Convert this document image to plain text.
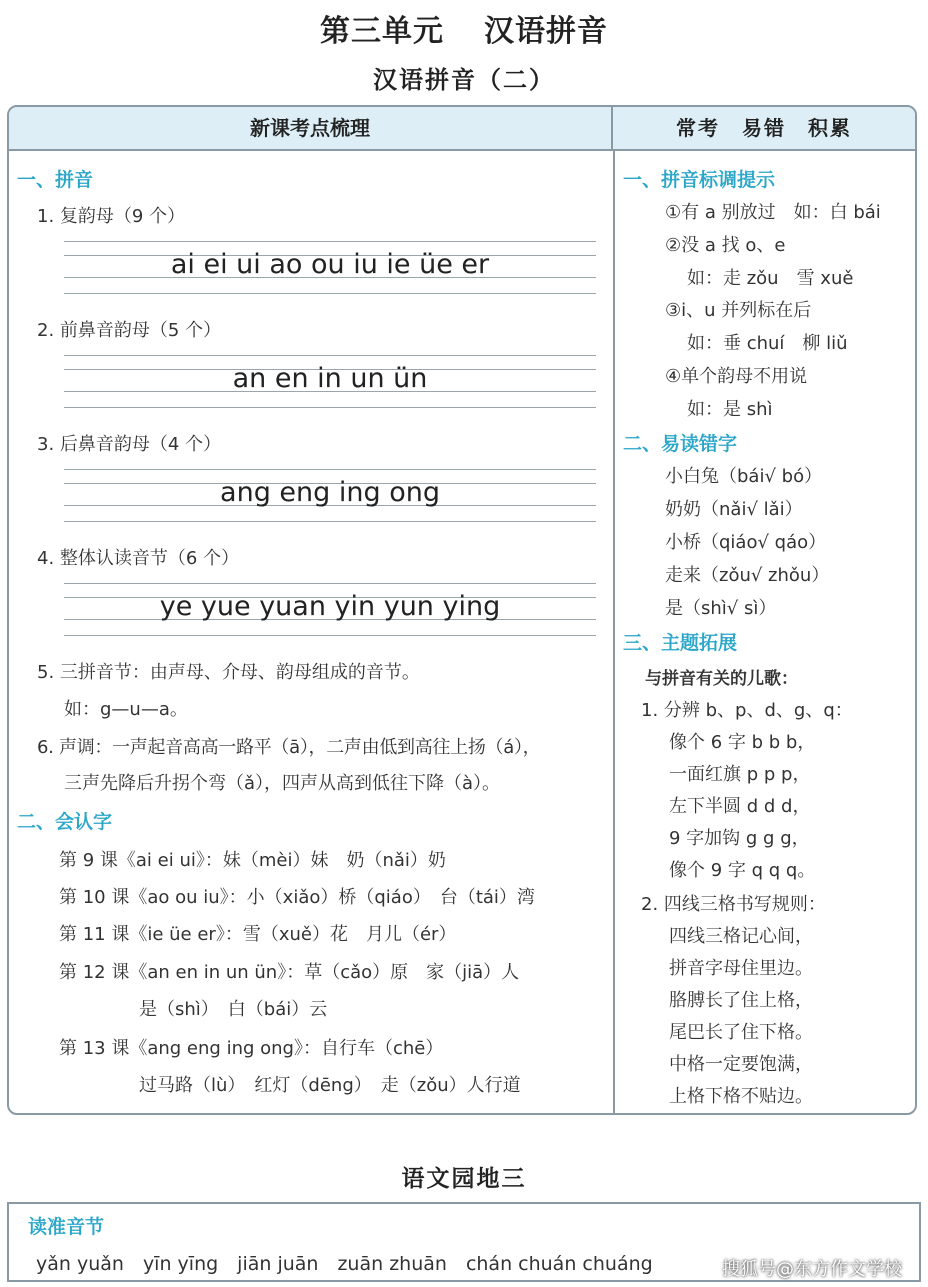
第三单元 汉语拼音
汉语拼音（二）
新课考点梳理	常考　易错　积累
一、拼音
1. 复韵母（9 个）
ai ei ui ao ou iu ie üe er
2. 前鼻音韵母（5 个）
an en in un ün
3. 后鼻音韵母（4 个）
ang eng ing ong
4. 整体认读音节（6 个）
ye yue yuan yin yun ying
5. 三拼音节：由声母、介母、韵母组成的音节。
如：g—u—a。
6. 声调：一声起音高高一路平（ā），二声由低到高往上扬（á），
三声先降后升拐个弯（ǎ），四声从高到低往下降（à）。
二、会认字
第 9 课《ai ei ui》：妹（mèi）妹　奶（nǎi）奶
第 10 课《ao ou iu》：小（xiǎo）桥（qiáo）　台（tái）湾
第 11 课《ie üe er》：雪（xuě）花　月儿（ér）
第 12 课《an en in un ün》：草（cǎo）原　家（jiā）人
是（shì）　白（bái）云
第 13 课《ang eng ing ong》：自行车（chē）
过马路（lù）　红灯（dēng）　走（zǒu）人行道
一、拼音标调提示
①有 a 别放过　如：白 bái
②没 a 找 o、e
如：走 zǒu　雪 xuě
③i、u 并列标在后
如：垂 chuí　柳 liǔ
④单个韵母不用说
如：是 shì
二、易读错字
小白兔（bái√ bó）
奶奶（nǎi√ lǎi）
小桥（qiáo√ qáo）
走来（zǒu√ zhǒu）
是（shì√ sì）
三、主题拓展
与拼音有关的儿歌：
1. 分辨 b、p、d、g、q：
像个 6 字 b b b，
一面红旗 p p p，
左下半圆 d d d，
9 字加钩 g g g，
像个 9 字 q q q。
2. 四线三格书写规则：
四线三格记心间，
拼音字母住里边。
胳膊长了住上格，
尾巴长了住下格。
中格一定要饱满，
上格下格不贴边。
语文园地三
读准音节
yǎn yuǎn　yīn yīng　jiān juān　zuān zhuān　chán chuán chuáng	搜狐号@东方作文学校
